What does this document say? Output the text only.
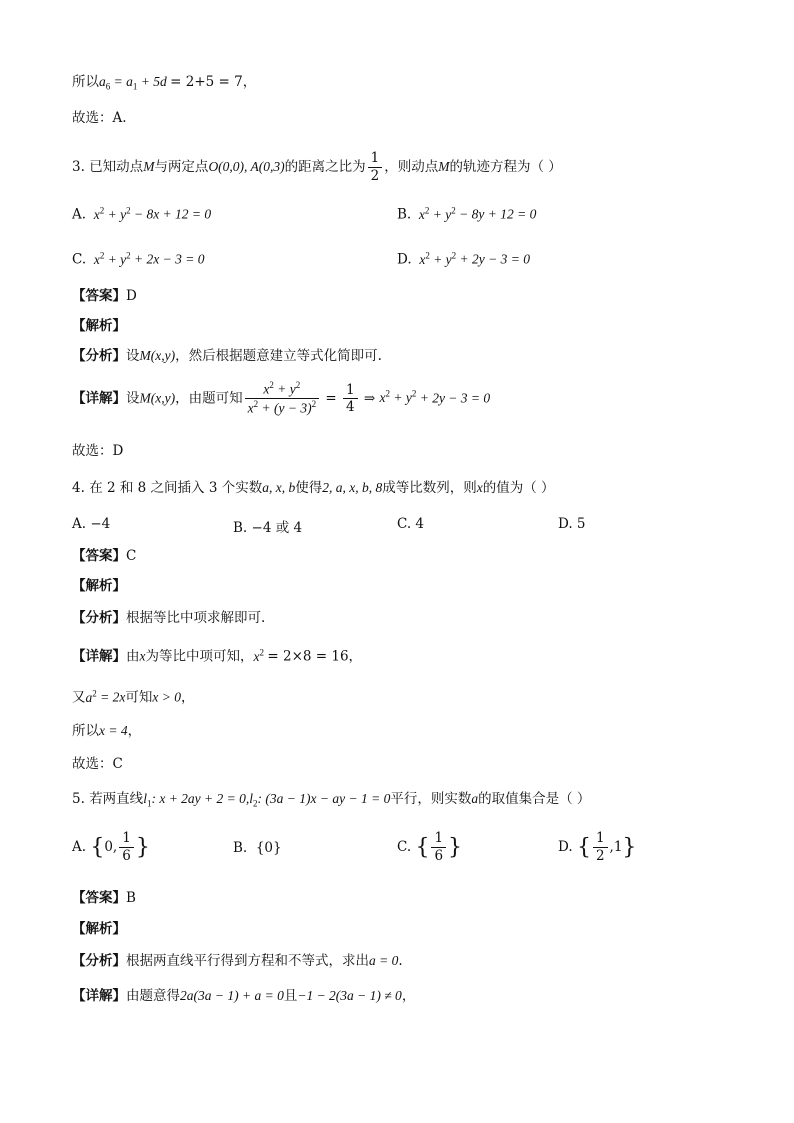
所以$a_6 = a_1 + 5d = 2+5 = 7$，
故选：A.
3. 已知动点M与两定点O(0,0), A(0,3)的距离之比为 $\frac{1}{2}$ ，则动点M的轨迹方程为（ ）
A.  $x^2 + y^2 - 8x + 12 = 0$	B.  $x^2 + y^2 - 8y + 12 = 0$
C.  $x^2 + y^2 + 2x - 3 = 0$	D.  $x^2 + y^2 + 2y - 3 = 0$
【答案】D
【解析】
【分析】设M(x,y)，然后根据题意建立等式化简即可.
【详解】设M(x,y)，由题可知 $\frac{x^2 + y^2}{x^2 + (y - 3)^2} = \frac{1}{4}$ ⇒ $x^2 + y^2 + 2y - 3 = 0$
故选：D
4. 在 2 和 8 之间插入 3 个实数a, x, b使得2, a, x, b, 8成等比数列，则x的值为（ ）
A. −4	B. −4 或 4	C. 4	D. 5
【答案】C
【解析】
【分析】根据等比中项求解即可.
【详解】由x为等比中项可知，$x^2 = 2\times 8 = 16$，
又$a^2 = 2x$可知x > 0，
所以x = 4，
故选：C
5. 若两直线$l_1$: $x + 2ay + 2 = 0,l_2$: (3a − 1)x − ay − 1 = 0平行，则实数a的取值集合是（ ）
A. {0, $\frac{1}{6}$ }	B. {0}	C. { $\frac{1}{6}$ }	D. { $\frac{1}{2} ,1$}
【答案】B
【解析】
【分析】根据两直线平行得到方程和不等式，求出a = 0.
【详解】由题意得2a(3a − 1) + a = 0且−1 − 2(3a − 1) ≠ 0，
